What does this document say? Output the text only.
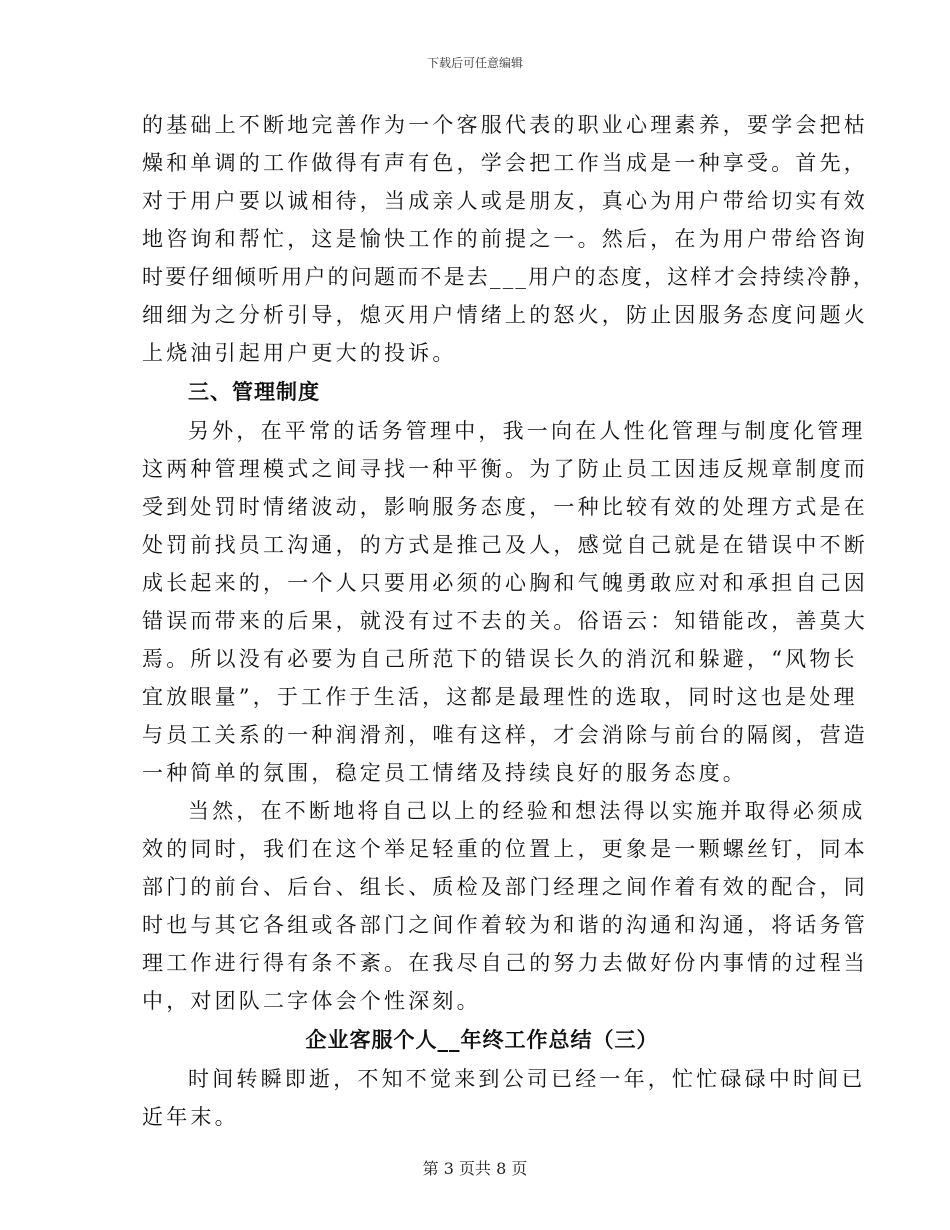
下载后可任意编辑
的基础上不断地完善作为一个客服代表的职业心理素养，要学会把枯
燥和单调的工作做得有声有色，学会把工作当成是一种享受。首先，
对于用户要以诚相待，当成亲人或是朋友，真心为用户带给切实有效
地咨询和帮忙，这是愉快工作的前提之一。然后，在为用户带给咨询
时要仔细倾听用户的问题而不是去___用户的态度，这样才会持续冷静，
细细为之分析引导，熄灭用户情绪上的怒火，防止因服务态度问题火
上烧油引起用户更大的投诉。
三、管理制度
另外，在平常的话务管理中，我一向在人性化管理与制度化管理
这两种管理模式之间寻找一种平衡。为了防止员工因违反规章制度而
受到处罚时情绪波动，影响服务态度，一种比较有效的处理方式是在
处罚前找员工沟通，的方式是推己及人，感觉自己就是在错误中不断
成长起来的，一个人只要用必须的心胸和气魄勇敢应对和承担自己因
错误而带来的后果，就没有过不去的关。俗语云：知错能改，善莫大
焉。所以没有必要为自己所范下的错误长久的消沉和躲避，“风物长
宜放眼量”，于工作于生活，这都是最理性的选取，同时这也是处理
与员工关系的一种润滑剂，唯有这样，才会消除与前台的隔阂，营造
一种简单的氛围，稳定员工情绪及持续良好的服务态度。
当然，在不断地将自己以上的经验和想法得以实施并取得必须成
效的同时，我们在这个举足轻重的位置上，更象是一颗螺丝钉，同本
部门的前台、后台、组长、质检及部门经理之间作着有效的配合，同
时也与其它各组或各部门之间作着较为和谐的沟通和沟通，将话务管
理工作进行得有条不紊。在我尽自己的努力去做好份内事情的过程当
中，对团队二字体会个性深刻。
企业客服个人__年终工作总结（三）
时间转瞬即逝，不知不觉来到公司已经一年，忙忙碌碌中时间已
近年末。
第 3 页共 8 页
